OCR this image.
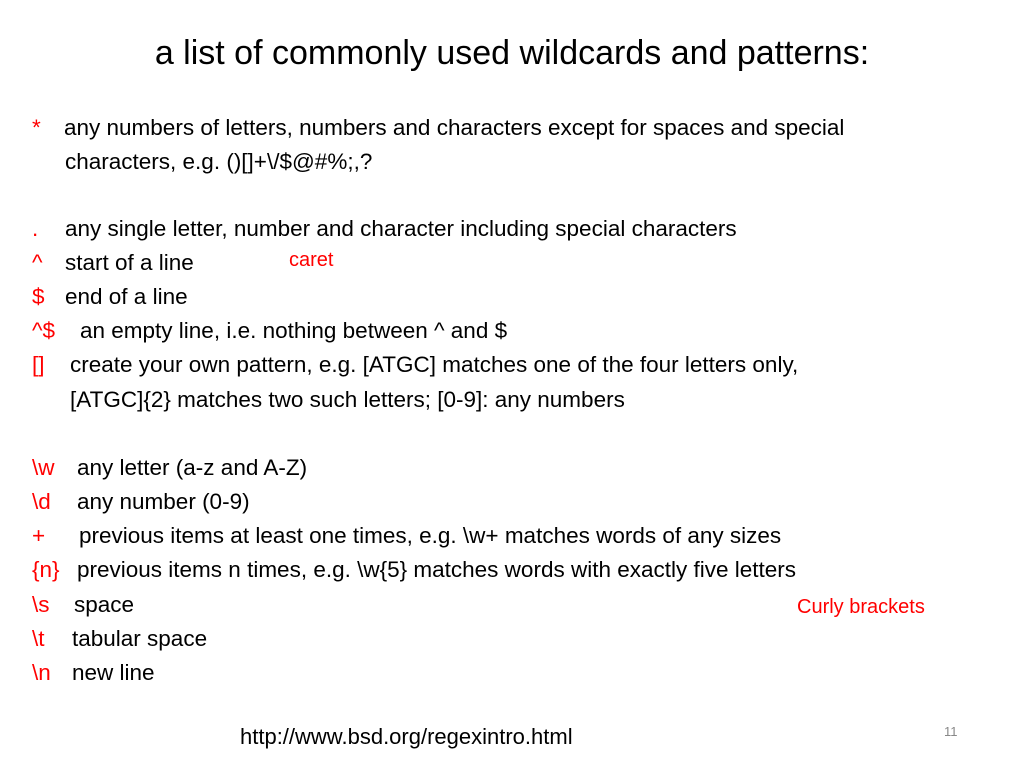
a list of commonly used wildcards and patterns:
* any numbers of letters, numbers and characters except for spaces and special
characters, e.g. ()[]+\/$@#%;,?
. any single letter, number and character including special characters
^ start of a line
$ end of a line
^$ an empty line, i.e. nothing between ^ and $
[] create your own pattern, e.g. [ATGC] matches one of the four letters only,
[ATGC]{2} matches two such letters; [0-9]: any numbers
\w any letter (a-z and A-Z)
\d any number (0-9)
+ previous items at least one times, e.g. \w+ matches words of any sizes
{n} previous items n times, e.g. \w{5} matches words with exactly five letters
\s space
\t tabular space
\n new line
caret
Curly brackets
http://www.bsd.org/regexintro.html	11
